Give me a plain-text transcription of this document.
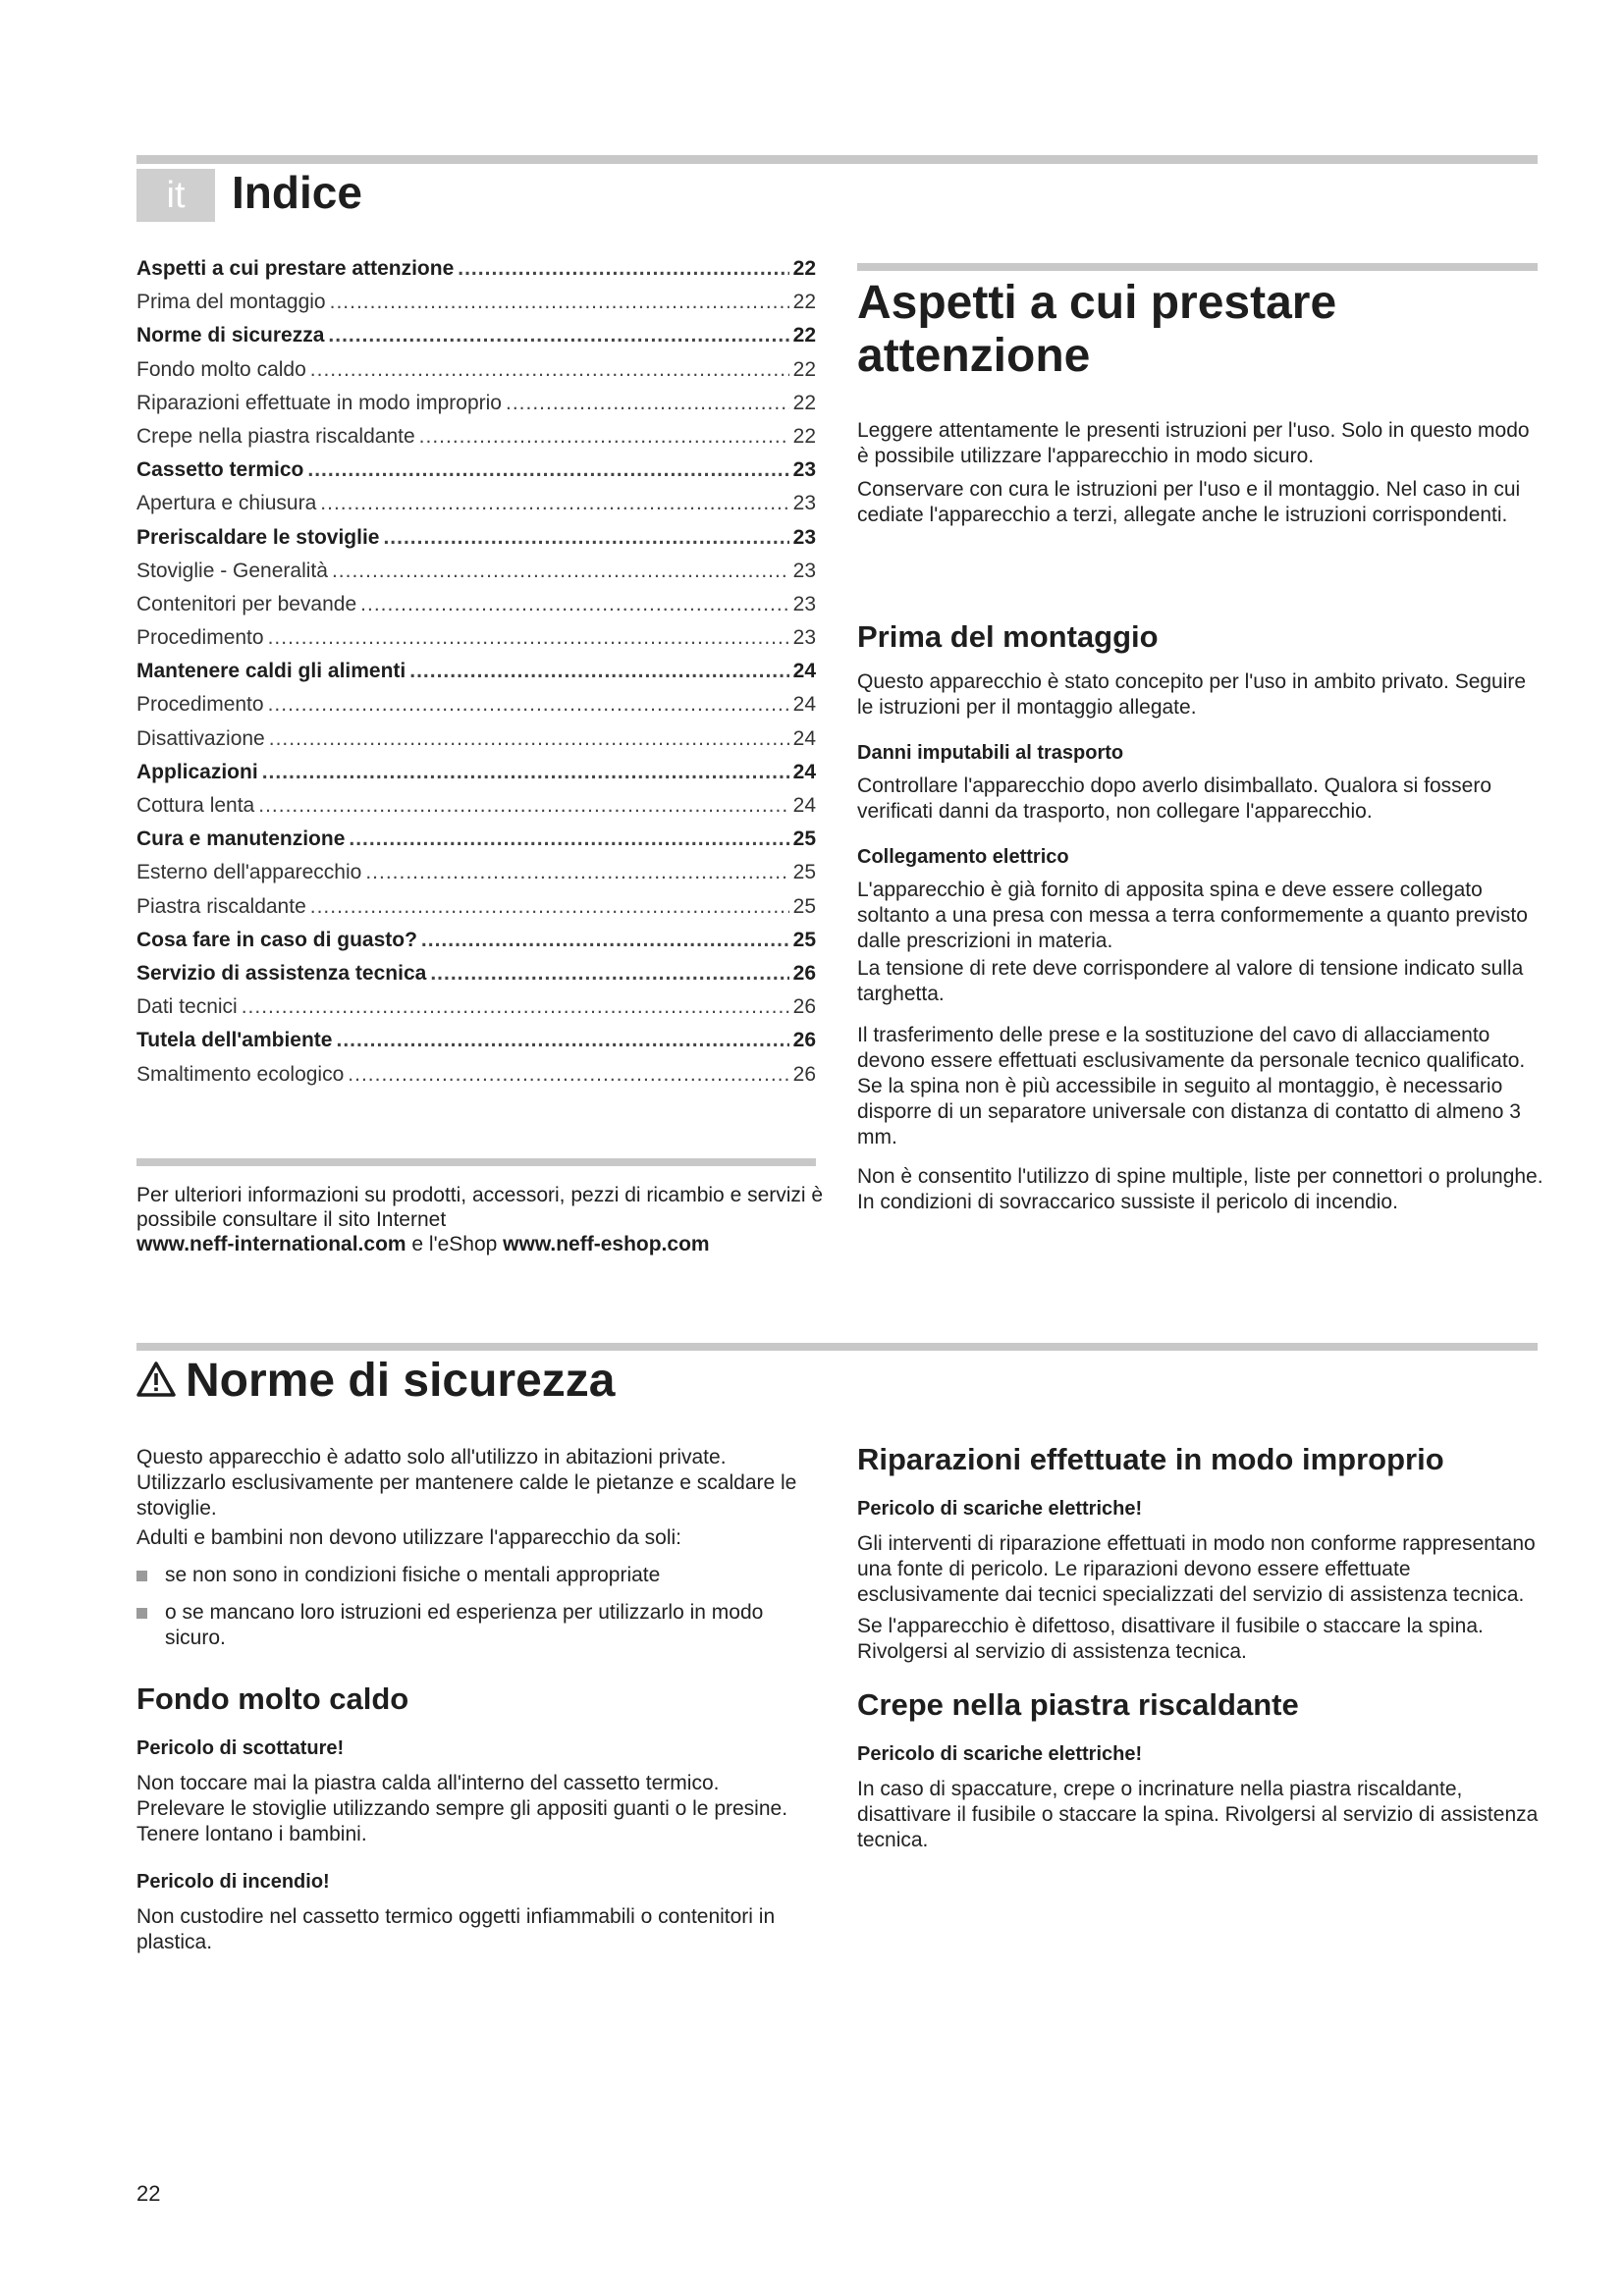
it	Indice
Aspetti a cui prestare attenzione .....	22
Prima del montaggio .....	22
Norme di sicurezza .....	22
Fondo molto caldo .....	22
Riparazioni effettuate in modo improprio .....	22
Crepe nella piastra riscaldante .....	22
Cassetto termico .....	23
Apertura e chiusura .....	23
Preriscaldare le stoviglie .....	23
Stoviglie - Generalità .....	23
Contenitori per bevande .....	23
Procedimento .....	23
Mantenere caldi gli alimenti .....	24
Procedimento .....	24
Disattivazione .....	24
Applicazioni .....	24
Cottura lenta .....	24
Cura e manutenzione .....	25
Esterno dell'apparecchio .....	25
Piastra riscaldante .....	25
Cosa fare in caso di guasto? .....	25
Servizio di assistenza tecnica .....	26
Dati tecnici .....	26
Tutela dell'ambiente .....	26
Smaltimento ecologico .....	26

Per ulteriori informazioni su prodotti, accessori, pezzi di ricambio e servizi è possibile consultare il sito Internet
www.neff-international.com e l'eShop www.neff-eshop.com

Aspetti a cui prestare
attenzione

Leggere attentamente le presenti istruzioni per l'uso. Solo in questo modo è possibile utilizzare l'apparecchio in modo sicuro.

Conservare con cura le istruzioni per l'uso e il montaggio. Nel caso in cui cediate l'apparecchio a terzi, allegate anche le istruzioni corrispondenti.

Prima del montaggio

Questo apparecchio è stato concepito per l'uso in ambito privato. Seguire le istruzioni per il montaggio allegate.

Danni imputabili al trasporto

Controllare l'apparecchio dopo averlo disimballato. Qualora si fossero verificati danni da trasporto, non collegare l'apparecchio.

Collegamento elettrico

L'apparecchio è già fornito di apposita spina e deve essere collegato soltanto a una presa con messa a terra conformemente a quanto previsto dalle prescrizioni in materia.

La tensione di rete deve corrispondere al valore di tensione indicato sulla targhetta.

Il trasferimento delle prese e la sostituzione del cavo di allacciamento devono essere effettuati esclusivamente da personale tecnico qualificato. Se la spina non è più accessibile in seguito al montaggio, è necessario disporre di un separatore universale con distanza di contatto di almeno 3 mm.

Non è consentito l'utilizzo di spine multiple, liste per connettori o prolunghe. In condizioni di sovraccarico sussiste il pericolo di incendio.

Norme di sicurezza

Questo apparecchio è adatto solo all'utilizzo in abitazioni private. Utilizzarlo esclusivamente per mantenere calde le pietanze e scaldare le stoviglie.

Adulti e bambini non devono utilizzare l'apparecchio da soli:

se non sono in condizioni fisiche o mentali appropriate

o se mancano loro istruzioni ed esperienza per utilizzarlo in modo sicuro.

Fondo molto caldo
Pericolo di scottature!

Non toccare mai la piastra calda all'interno del cassetto termico. Prelevare le stoviglie utilizzando sempre gli appositi guanti o le presine. Tenere lontano i bambini.

Pericolo di incendio!

Non custodire nel cassetto termico oggetti infiammabili o contenitori in plastica.

Riparazioni effettuate in modo improprio
Pericolo di scariche elettriche!

Gli interventi di riparazione effettuati in modo non conforme rappresentano una fonte di pericolo. Le riparazioni devono essere effettuate esclusivamente dai tecnici specializzati del servizio di assistenza tecnica.

Se l'apparecchio è difettoso, disattivare il fusibile o staccare la spina. Rivolgersi al servizio di assistenza tecnica.

Crepe nella piastra riscaldante
Pericolo di scariche elettriche!

In caso di spaccature, crepe o incrinature nella piastra riscaldante, disattivare il fusibile o staccare la spina. Rivolgersi al servizio di assistenza tecnica.

22
